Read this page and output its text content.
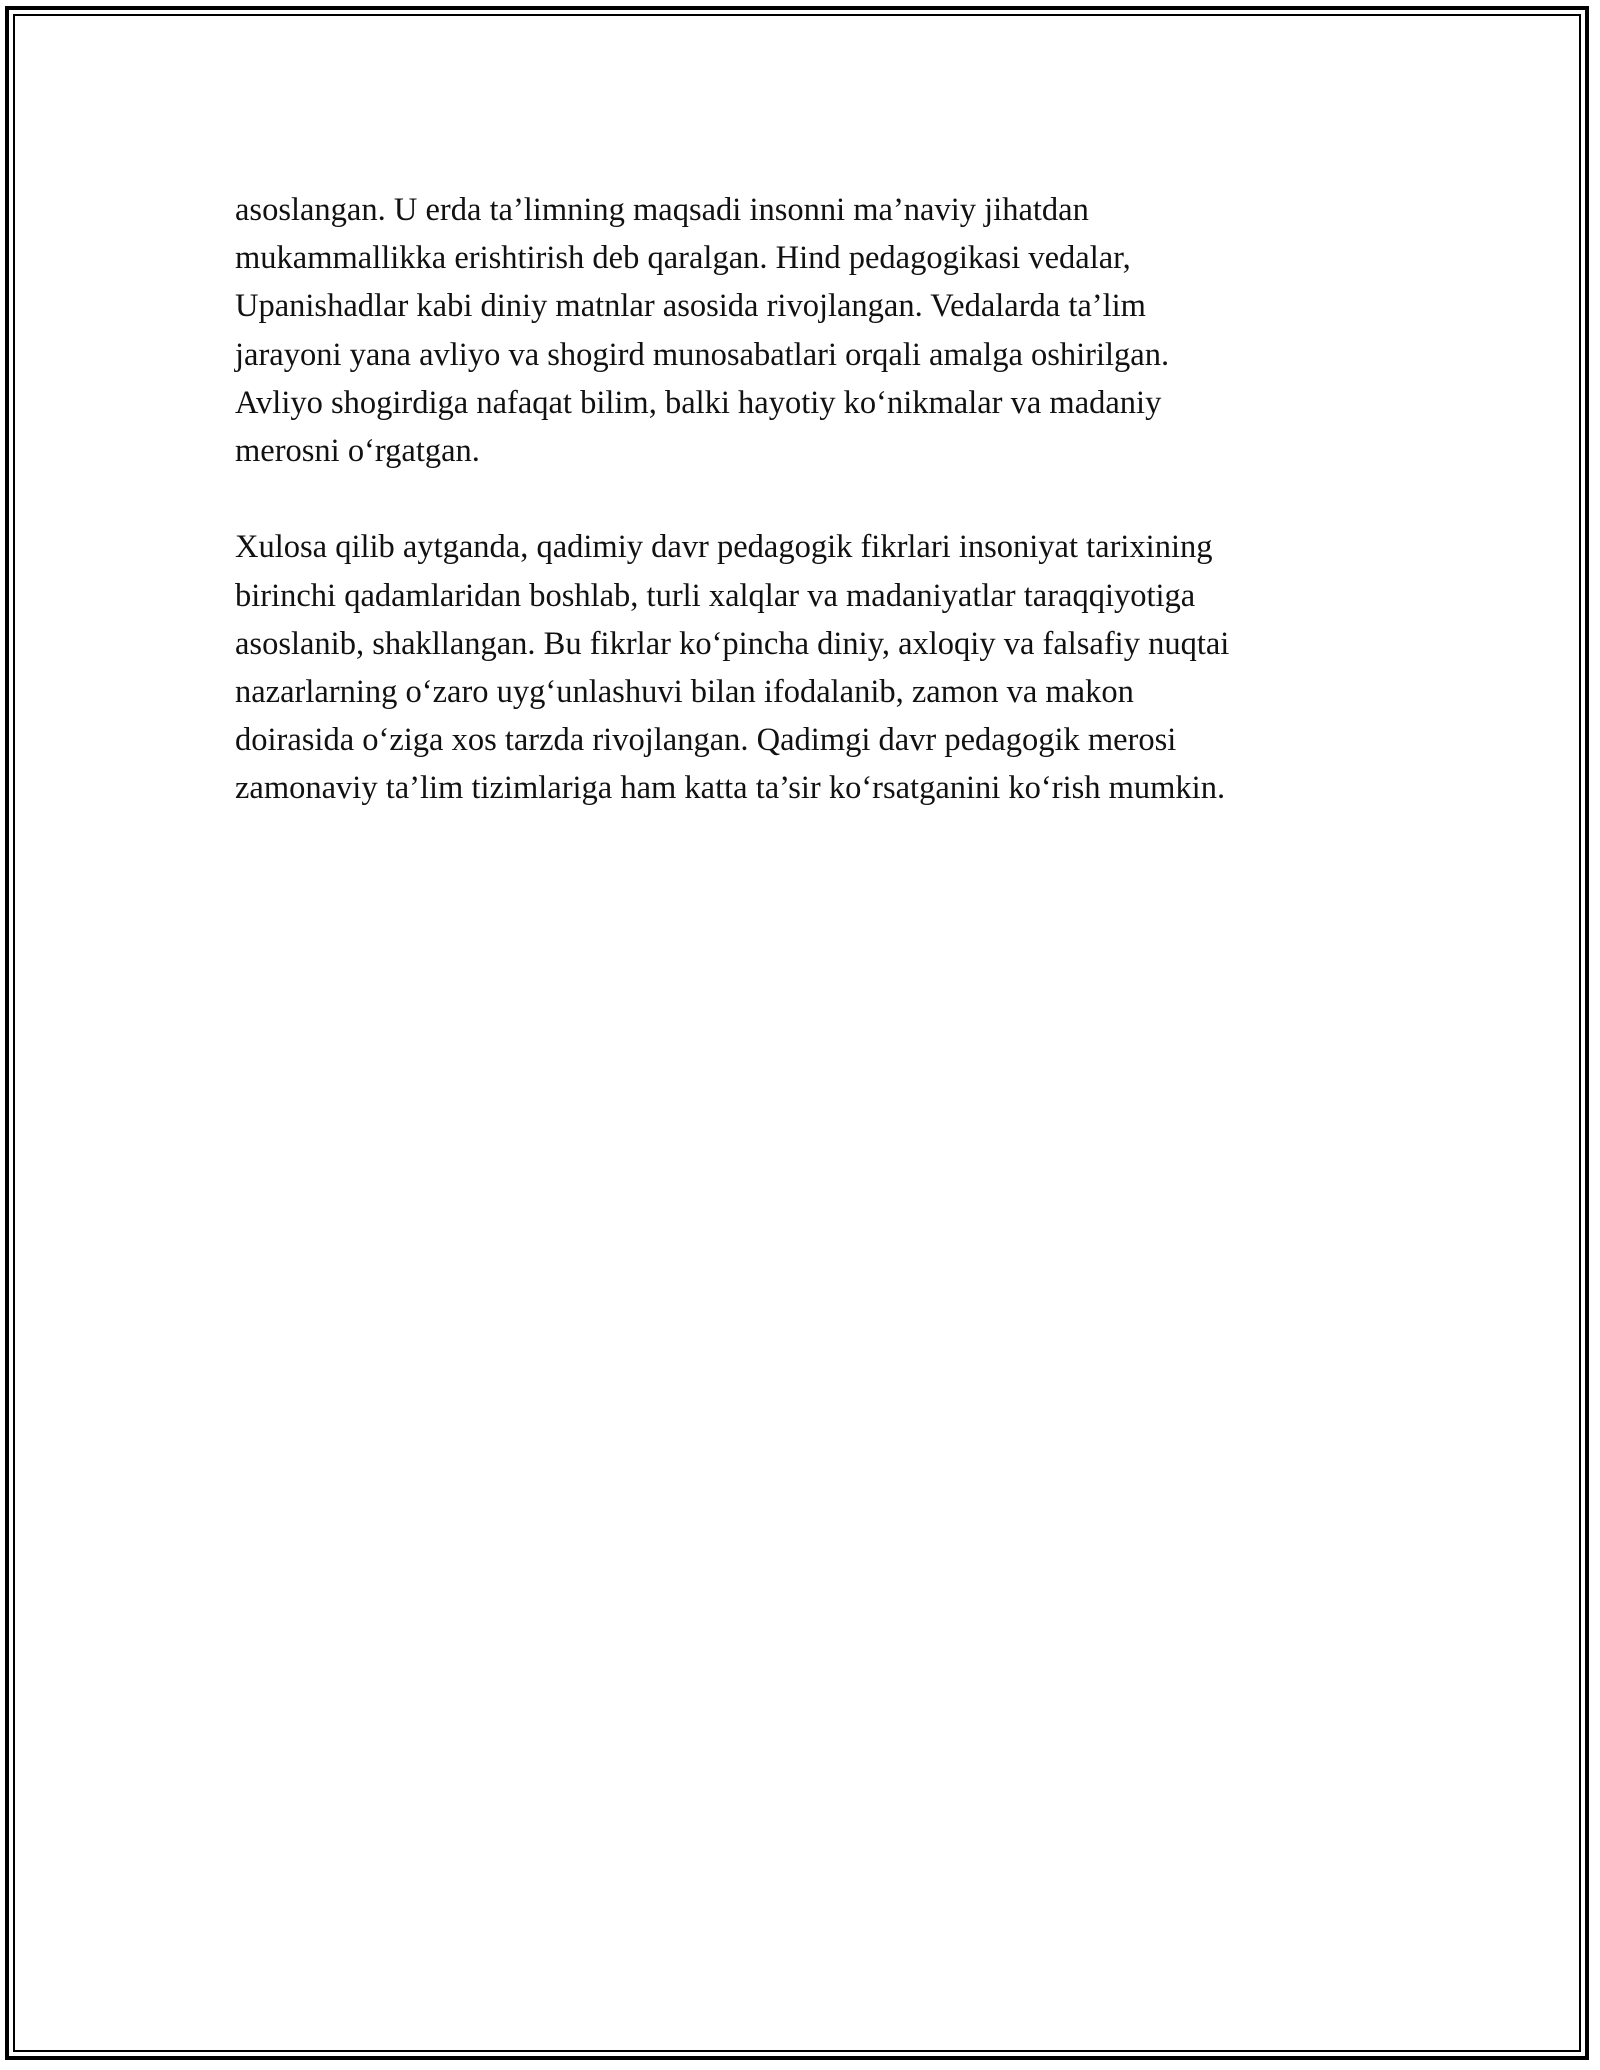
asoslangan. U erda ta’limning maqsadi insonni ma’naviy jihatdan
mukammallikka erishtirish deb qaralgan. Hind pedagogikasi vedalar,
Upanishadlar kabi diniy matnlar asosida rivojlangan. Vedalarda ta’lim
jarayoni yana avliyo va shogird munosabatlari orqali amalga oshirilgan.
Avliyo shogirdiga nafaqat bilim, balki hayotiy ko‘nikmalar va madaniy
merosni o‘rgatgan.

Xulosa qilib aytganda, qadimiy davr pedagogik fikrlari insoniyat tarixining
birinchi qadamlaridan boshlab, turli xalqlar va madaniyatlar taraqqiyotiga
asoslanib, shakllangan. Bu fikrlar ko‘pincha diniy, axloqiy va falsafiy nuqtai
nazarlarning o‘zaro uyg‘unlashuvi bilan ifodalanib, zamon va makon
doirasida o‘ziga xos tarzda rivojlangan. Qadimgi davr pedagogik merosi
zamonaviy ta’lim tizimlariga ham katta ta’sir ko‘rsatganini ko‘rish mumkin.
